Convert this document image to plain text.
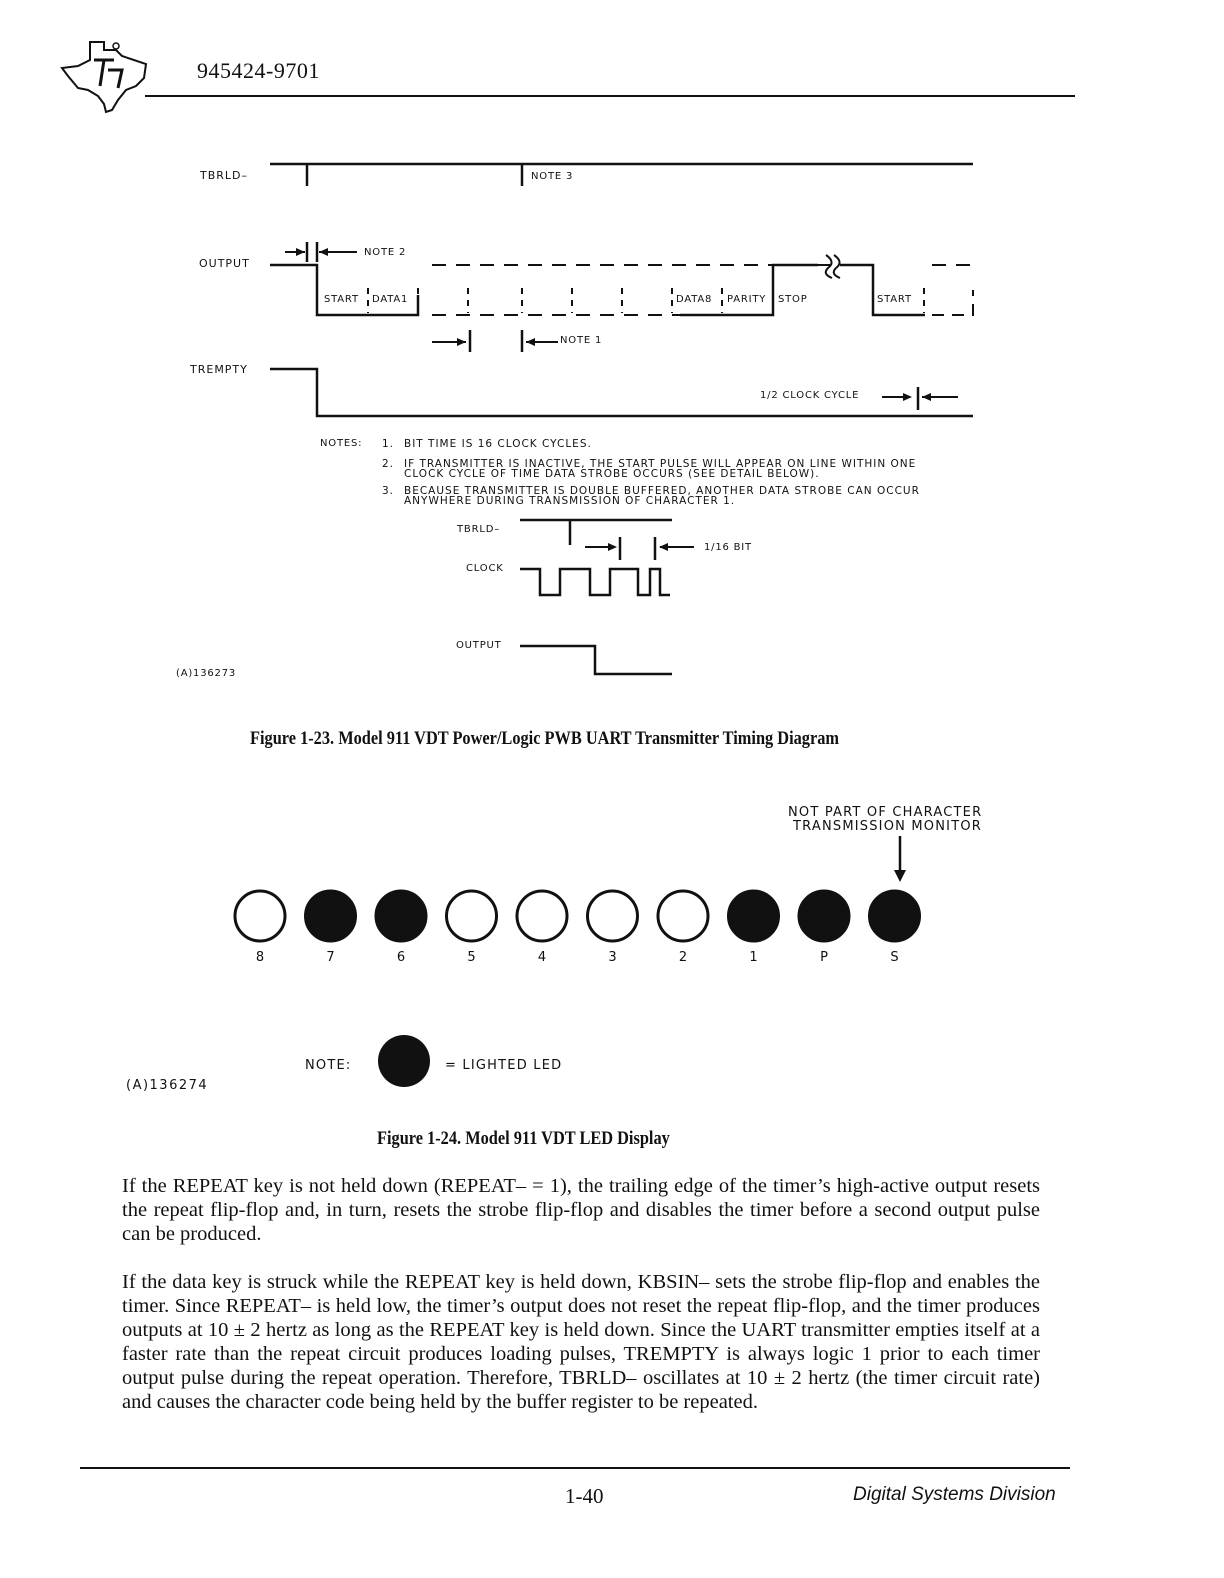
945424-9701
TBRLD–
OUTPUT
TREMPTY
NOTE 3
NOTE 2
NOTE 1
START DATA1	DATA8 PARITY STOP	START
1/2 CLOCK CYCLE
NOTES: 1. BIT TIME IS 16 CLOCK CYCLES.
2. IF TRANSMITTER IS INACTIVE, THE START PULSE WILL APPEAR ON LINE WITHIN ONE
CLOCK CYCLE OF TIME DATA STROBE OCCURS (SEE DETAIL BELOW).
3. BECAUSE TRANSMITTER IS DOUBLE BUFFERED, ANOTHER DATA STROBE CAN OCCUR
ANYWHERE DURING TRANSMISSION OF CHARACTER 1.
TBRLD–
1/16 BIT
CLOCK
OUTPUT
(A)136273
Figure 1-23. Model 911 VDT Power/Logic PWB UART Transmitter Timing Diagram
NOT PART OF CHARACTER
TRANSMISSION MONITOR
8	7	6	5	4	3	2	1	P	S
NOTE:	= LIGHTED LED
(A)136274
Figure 1-24. Model 911 VDT LED Display

If the REPEAT key is not held down (REPEAT– = 1), the trailing edge of the timer’s high-active output resets the repeat flip-flop and, in turn, resets the strobe flip-flop and disables the timer before a second output pulse can be produced.

If the data key is struck while the REPEAT key is held down, KBSIN– sets the strobe flip-flop and enables the timer. Since REPEAT– is held low, the timer’s output does not reset the repeat flip-flop, and the timer produces outputs at 10 ± 2 hertz as long as the REPEAT key is held down. Since the UART transmitter empties itself at a faster rate than the repeat circuit produces loading pulses, TREMPTY is always logic 1 prior to each timer output pulse during the repeat operation. Therefore, TBRLD– oscillates at 10 ± 2 hertz (the timer circuit rate) and causes the character code being held by the buffer register to be repeated.

1-40	Digital Systems Division
